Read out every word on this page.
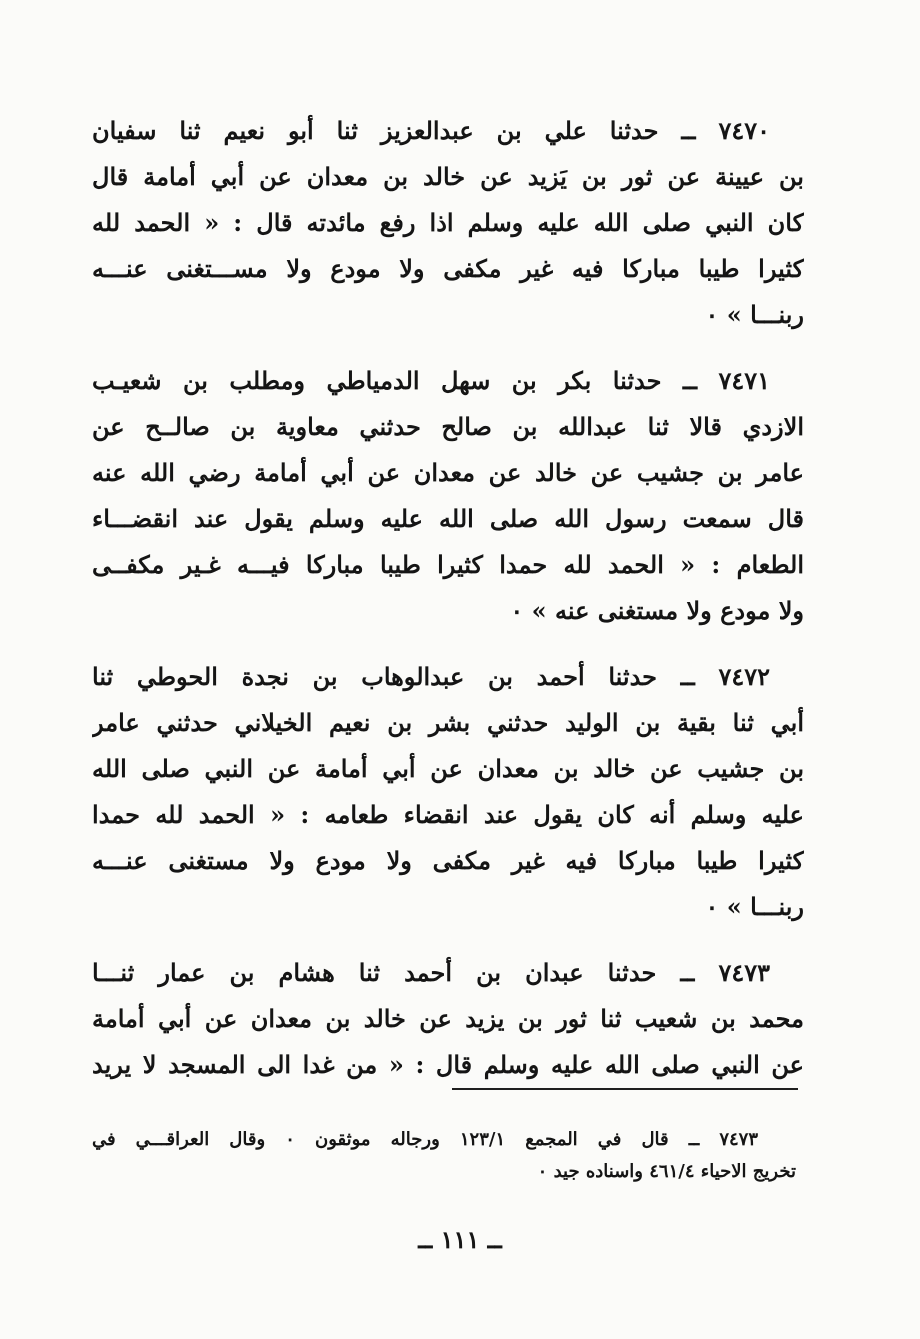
٧٤٧٠ ــ حدثنا علي بن عبدالعزيز ثنا أبو نعيم ثنا سفيان
بن عيينة عن ثور بن يَزيد عن خالد بن معدان عن أبي أمامة قال
كان النبي صلى الله عليه وسلم اذا رفع مائدته قال : « الحمد لله
كثيرا طيبا مباركا فيه غير مكفى ولا مودع ولا مســـتغنى عنـــه
ربنـــا » ٠
٧٤٧١ ــ حدثنا بكر بن سهل الدمياطي ومطلب بن شعيـب
الازدي قالا ثنا عبدالله بن صالح حدثني معاوية بن صالــح عن
عامر بن جشيب عن خالد عن معدان عن أبي أمامة رضي الله عنه
قال سمعت رسول الله صلى الله عليه وسلم يقول عند انقضـــاء
الطعام : « الحمد لله حمدا كثيرا طيبا مباركا فيـــه غـير مكفــى
ولا مودع ولا مستغنى عنه » ٠
٧٤٧٢ ــ حدثنا أحمد بن عبدالوهاب بن نجدة الحوطي ثنا
أبي ثنا بقية بن الوليد حدثني بشر بن نعيم الخيلاني حدثني عامر
بن جشيب عن خالد بن معدان عن أبي أمامة عن النبي صلى الله
عليه وسلم أنه كان يقول عند انقضاء طعامه : « الحمد لله حمدا
كثيرا طيبا مباركا فيه غير مكفى ولا مودع ولا مستغنى عنـــه
ربنـــا » ٠
٧٤٧٣ ــ حدثنا عبدان بن أحمد ثنا هشام بن عمار ثنـــا
محمد بن شعيب ثنا ثور بن يزيد عن خالد بن معدان عن أبي أمامة
عن النبي صلى الله عليه وسلم قال : « من غدا الى المسجد لا يريد
٧٤٧٣ ــ قال في المجمع ١٢٣/١ ورجاله موثقون ٠ وقال العراقـــي في
تخريج الاحياء ٤٦١/٤ واسناده جيد ٠
ــ ١١١ ــ
